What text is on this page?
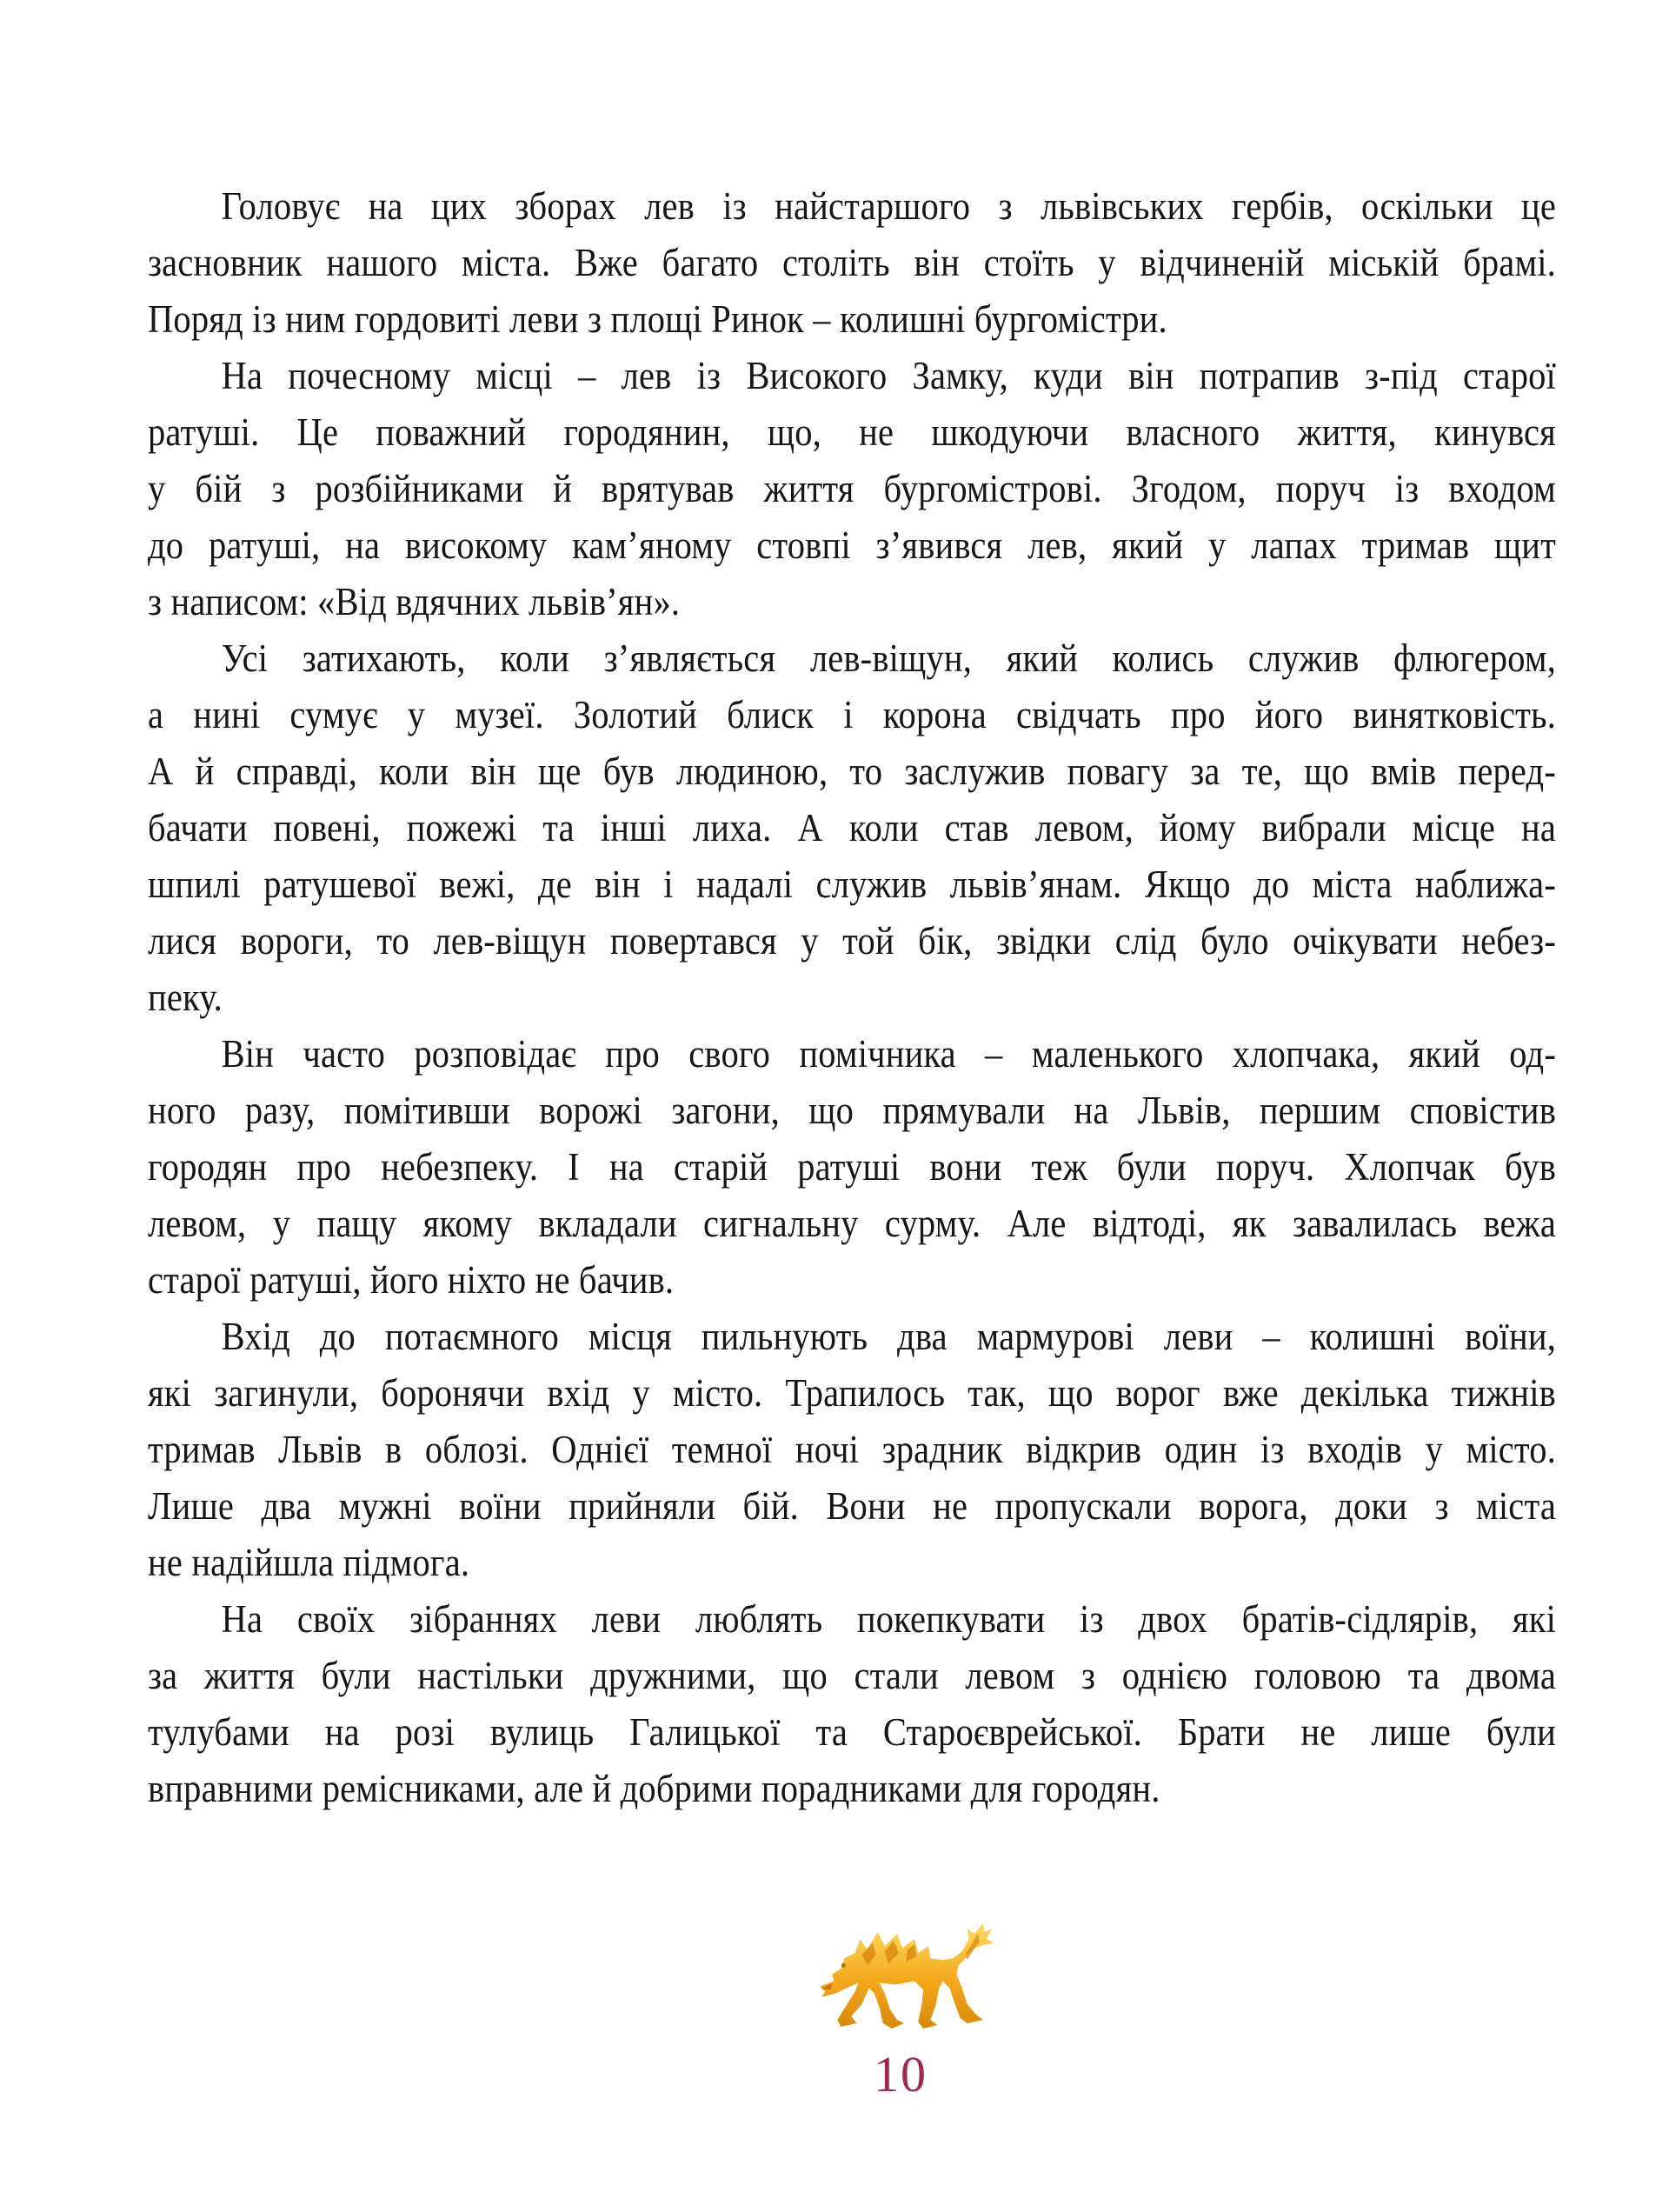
Головує на цих зборах лев із найстаршого з львівських гербів, оскільки це
засновник нашого міста. Вже багато століть він стоїть у відчиненій міській брамі.
Поряд із ним гордовиті леви з площі Ринок – колишні бургомістри.
На почесному місці – лев із Високого Замку, куди він потрапив з-під старої
ратуші. Це поважний городянин, що, не шкодуючи власного життя, кинувся
у бій з розбійниками й врятував життя бургомістрові. Згодом, поруч із входом
до ратуші, на високому кам’яному стовпі з’явився лев, який у лапах тримав щит
з написом: «Від вдячних львів’ян».
Усі затихають, коли з’являється лев-віщун, який колись служив флюгером,
а нині сумує у музеї. Золотий блиск і корона свідчать про його винятковість.
А й справді, коли він ще був людиною, то заслужив повагу за те, що вмів перед-
бачати повені, пожежі та інші лиха. А коли став левом, йому вибрали місце на
шпилі ратушевої вежі, де він і надалі служив львів’янам. Якщо до міста наближа-
лися вороги, то лев-віщун повертався у той бік, звідки слід було очікувати небез-
пеку.
Він часто розповідає про свого помічника – маленького хлопчака, який од-
ного разу, помітивши ворожі загони, що прямували на Львів, першим сповістив
городян про небезпеку. І на старій ратуші вони теж були поруч. Хлопчак був
левом, у пащу якому вкладали сигнальну сурму. Але відтоді, як завалилась вежа
старої ратуші, його ніхто не бачив.
Вхід до потаємного місця пильнують два мармурові леви – колишні воїни,
які загинули, боронячи вхід у місто. Трапилось так, що ворог вже декілька тижнів
тримав Львів в облозі. Однієї темної ночі зрадник відкрив один із входів у місто.
Лише два мужні воїни прийняли бій. Вони не пропускали ворога, доки з міста
не надійшла підмога.
На своїх зібраннях леви люблять покепкувати із двох братів-сідлярів, які
за життя були настільки дружними, що стали левом з однією головою та двома
тулубами на розі вулиць Галицької та Староєврейської. Брати не лише були
вправними ремісниками, але й добрими порадниками для городян.
10
